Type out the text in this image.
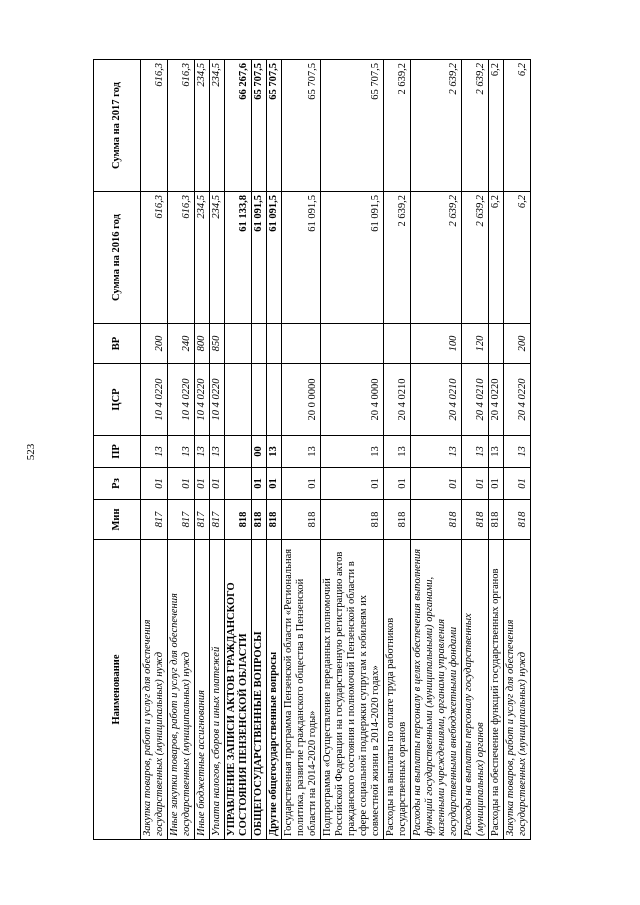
523
Наименование	Мин	Рз	ПР	ЦСР	ВР	Сумма на 2016 год	Сумма на 2017 год
Закупка товаров, работ и услуг для обеспечения государственных (муниципальных) нужд	817	01	13	10 4 0220	200	616,3	616,3
Иные закупки товаров, работ и услуг для обеспечения государственных (муниципальных) нужд	817	01	13	10 4 0220	240	616,3	616,3
Иные бюджетные ассигнования	817	01	13	10 4 0220	800	234,5	234,5
Уплата налогов, сборов и иных платежей	817	01	13	10 4 0220	850	234,5	234,5
УПРАВЛЕНИЕ ЗАПИСИ АКТОВ ГРАЖДАНСКОГО СОСТОЯНИЯ ПЕНЗЕНСКОЙ ОБЛАСТИ	818					61 133,8	66 267,6
ОБЩЕГОСУДАРСТВЕННЫЕ ВОПРОСЫ	818	01	00			61 091,5	65 707,5
Другие общегосударственные вопросы	818	01	13			61 091,5	65 707,5
Государственная программа Пензенской области «Региональная политика, развитие гражданского общества в Пензенской области на 2014-2020 годы»	818	01	13	20 0 0000		61 091,5	65 707,5
Подпрограмма «Осуществление переданных полномочий Российской Федерации на государственную регистрацию актов гражданского состояния и полномочий Пензенской области в сфере социальной поддержки супругам к юбилеям их совместной жизни в 2014-2020 годах»	818	01	13	20 4 0000		61 091,5	65 707,5
Расходы на выплаты по оплате труда работников государственных органов	818	01	13	20 4 0210		2 639,2	2 639,2
Расходы на выплаты персоналу в целях обеспечения выполнения функций государственными (муниципальными) органами, казенными учреждениями, органами управления государственными внебюджетными фондами	818	01	13	20 4 0210	100	2 639,2	2 639,2
Расходы на выплаты персоналу государственных (муниципальных) органов	818	01	13	20 4 0210	120	2 639,2	2 639,2
Расходы на обеспечение функций государственных органов	818	01	13	20 4 0220		6,2	6,2
Закупка товаров, работ и услуг для обеспечения государственных (муниципальных) нужд	818	01	13	20 4 0220	200	6,2	6,2
